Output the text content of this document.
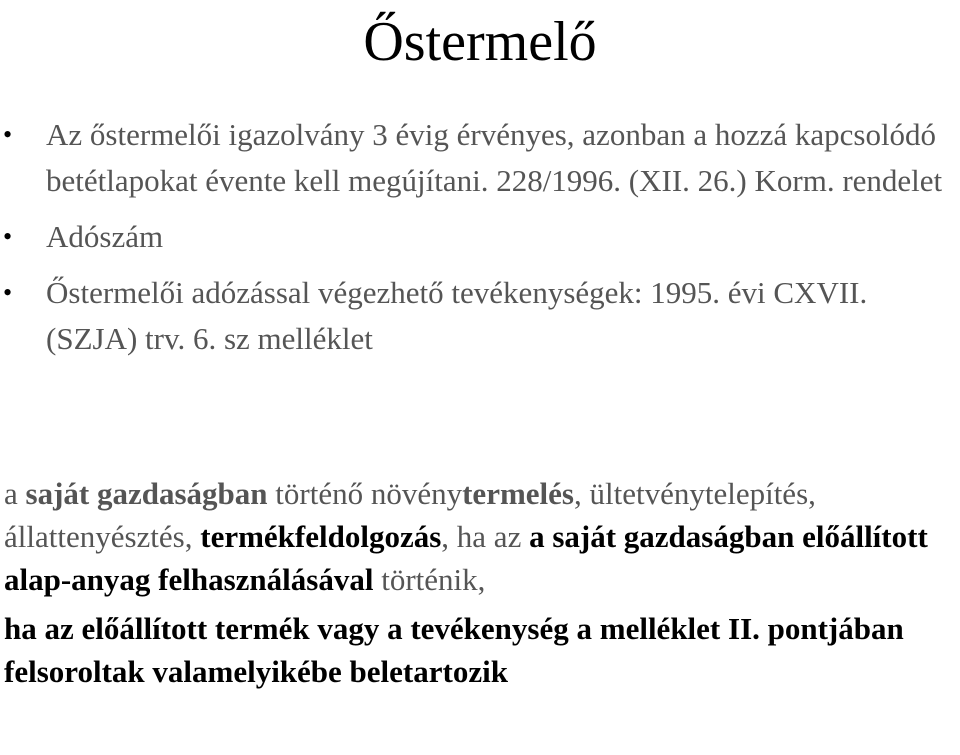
Őstermelő
• Az őstermelői igazolvány 3 évig érvényes, azonban a hozzá kapcsolódó betétlapokat évente kell megújítani. 228/1996. (XII. 26.) Korm. rendelet
• Adószám
• Őstermelői adózással végezhető tevékenységek: 1995. évi CXVII. (SZJA) trv. 6. sz melléklet

a saját gazdaságban történő növénytermelés, ültetvénytelepítés, állattenyésztés, termékfeldolgozás, ha az a saját gazdaságban előállított alap-anyag felhasználásával történik,

ha az előállított termék vagy a tevékenység a melléklet II. pontjában felsoroltak valamelyikébe beletartozik
